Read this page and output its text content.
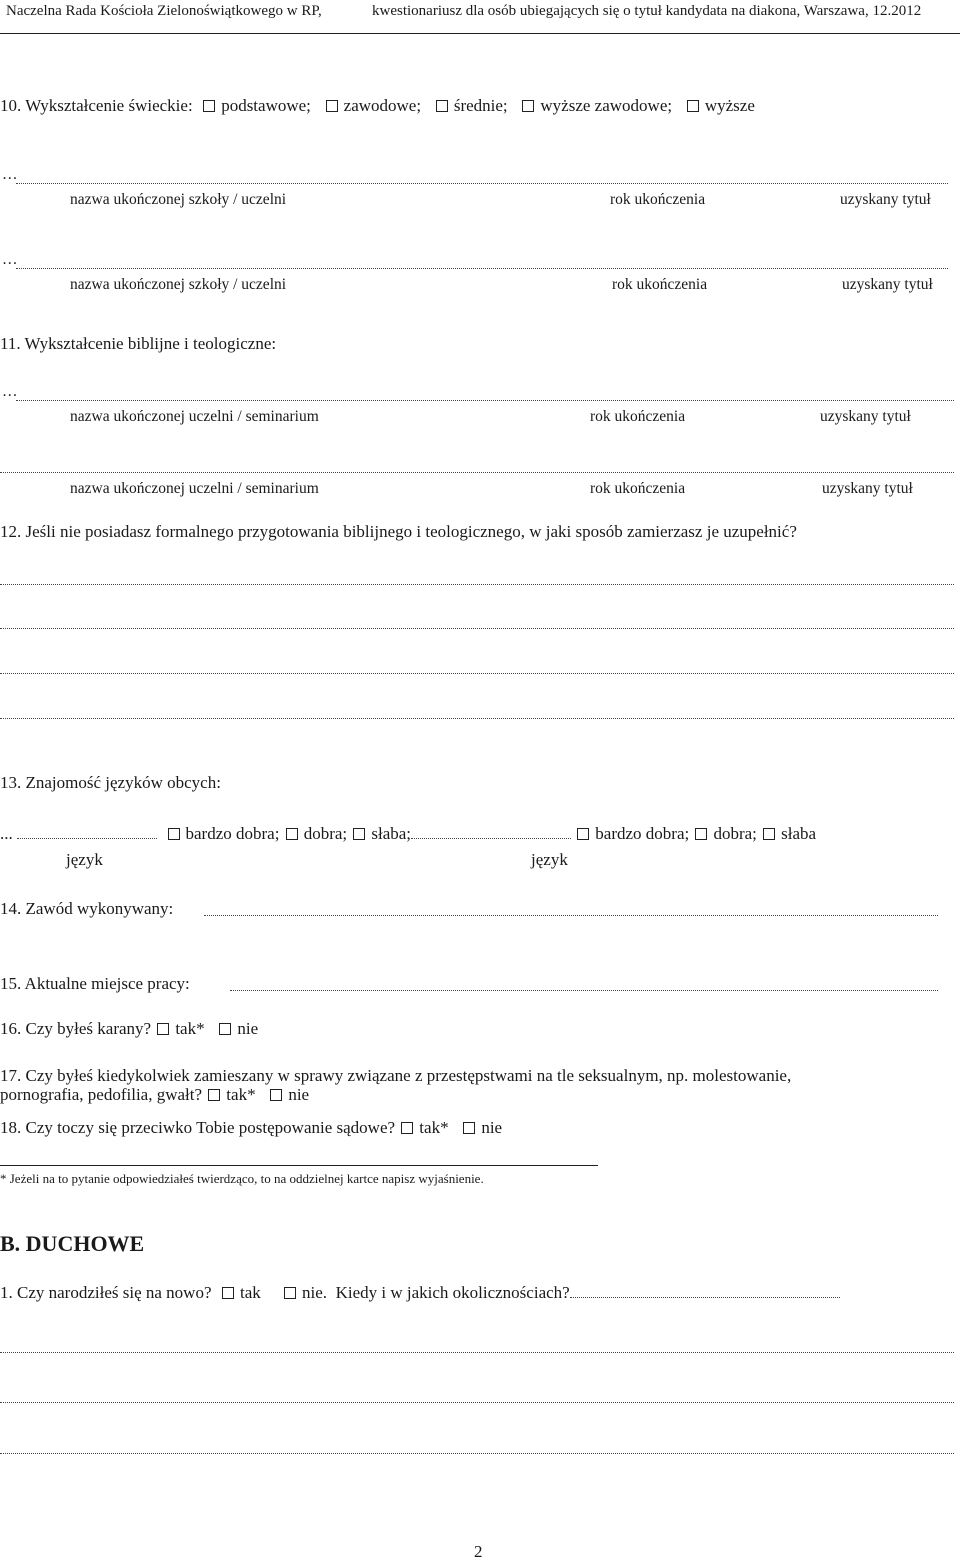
Naczelna Rada Kościoła Zielonoświątkowego w RP,	kwestionariusz dla osób ubiegających się o tytuł kandydata na diakona, Warszawa, 12.2012
10. Wykształcenie świeckie: podstawowe; zawodowe; średnie; wyższe zawodowe; wyższe
…
nazwa ukończonej szkoły / uczelni	rok ukończenia	uzyskany tytuł
…
nazwa ukończonej szkoły / uczelni	rok ukończenia	uzyskany tytuł
11. Wykształcenie biblijne i teologiczne:
…
nazwa ukończonej uczelni / seminarium	rok ukończenia	uzyskany tytuł
nazwa ukończonej uczelni / seminarium	rok ukończenia	uzyskany tytuł
12. Jeśli nie posiadasz formalnego przygotowania biblijnego i teologicznego, w jaki sposób zamierzasz je uzupełnić?
13. Znajomość języków obcych:
...	bardzo dobra; dobra; słaba;	bardzo dobra; dobra; słaba
język	język
14. Zawód wykonywany:
15. Aktualne miejsce pracy:
16. Czy byłeś karany? tak* nie
17. Czy byłeś kiedykolwiek zamieszany w sprawy związane z przestępstwami na tle seksualnym, np. molestowanie,
pornografia, pedofilia, gwałt? tak* nie
18. Czy toczy się przeciwko Tobie postępowanie sądowe? tak* nie
* Jeżeli na to pytanie odpowiedziałeś twierdząco, to na oddzielnej kartce napisz wyjaśnienie.
B. DUCHOWE
1. Czy narodziłeś się na nowo? tak nie. Kiedy i w jakich okolicznościach?
2
